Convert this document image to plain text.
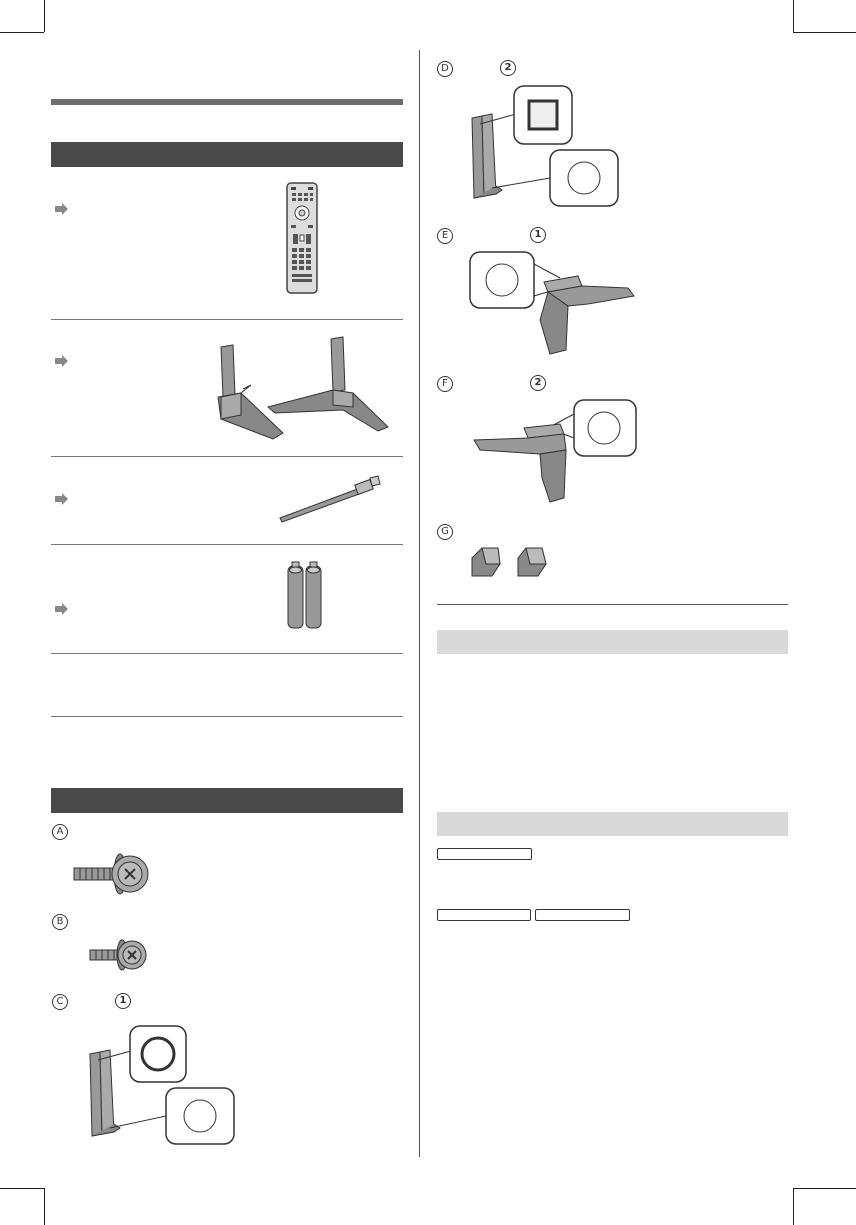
A
B
C	1
D	2
E	1
F	2
G
